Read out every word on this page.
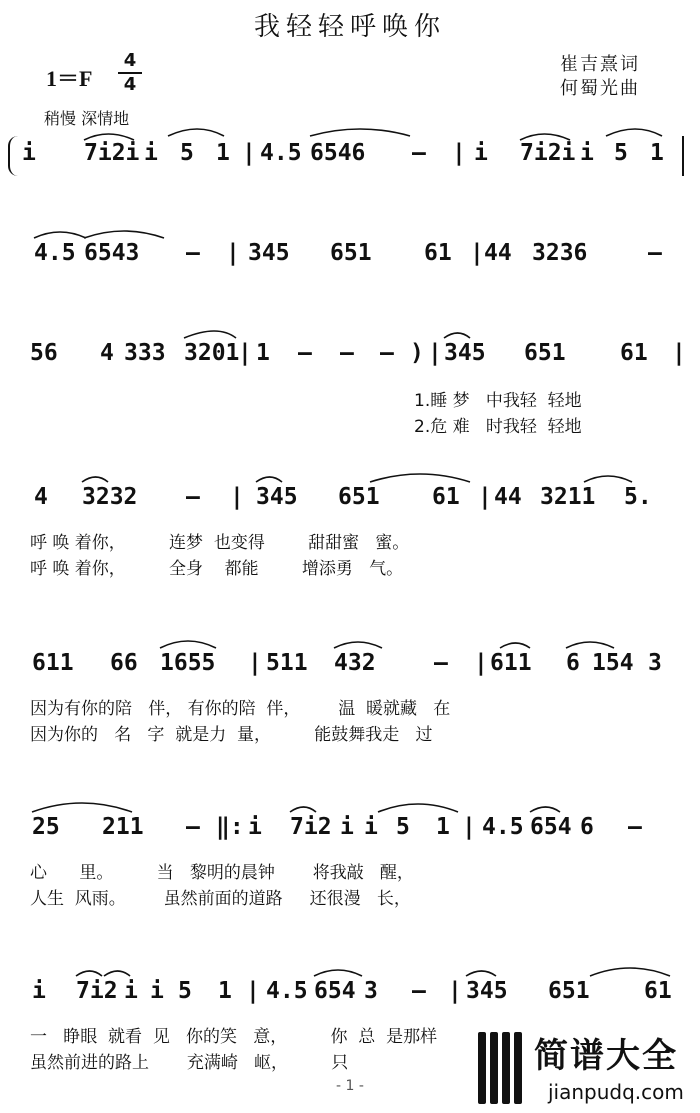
我轻轻呼唤你
1＝F
4
4
崔吉熹词
何蜀光曲
稍慢 深情地
i 7i2i i 5 1 | 4.5 6546 – | i 7i2i i 5 1
4.5 6543 – | 345 651 61 | 44 3236	–
56 4 333 3201
| 1 – – – ) | 345 651 61 |
1.睡 梦   中我轻  轻地
2.危 难   时我轻  轻地
4 3232 – | 345 651 61 | 44 3211 5.
呼 唤 着你，        连梦  也变得        甜甜蜜   蜜。
呼 唤 着你，        全身    都能        增添勇   气。
611 66 1655 | 511 432	– | 611 6 154 3
因为有你的陪   伴， 有你的陪  伴，       温  暖就藏   在
因为你的   名   字  就是力  量，        能鼓舞我走   过
25 211 – ‖: i 7i2 i i 5 1 | 4.5 654 6 –
心      里。        当   黎明的晨钟       将我敲   醒，
人生  风雨。       虽然前面的道路     还很漫   长，
i 7i2 i i 5 1 | 4.5 654 3 – | 345 651 61
一   睁眼  就看  见   你的笑   意，        你  总  是那样
虽然前进的路上       充满崎   岖，        只
- 1 -
简谱大全
jianpudq.com
